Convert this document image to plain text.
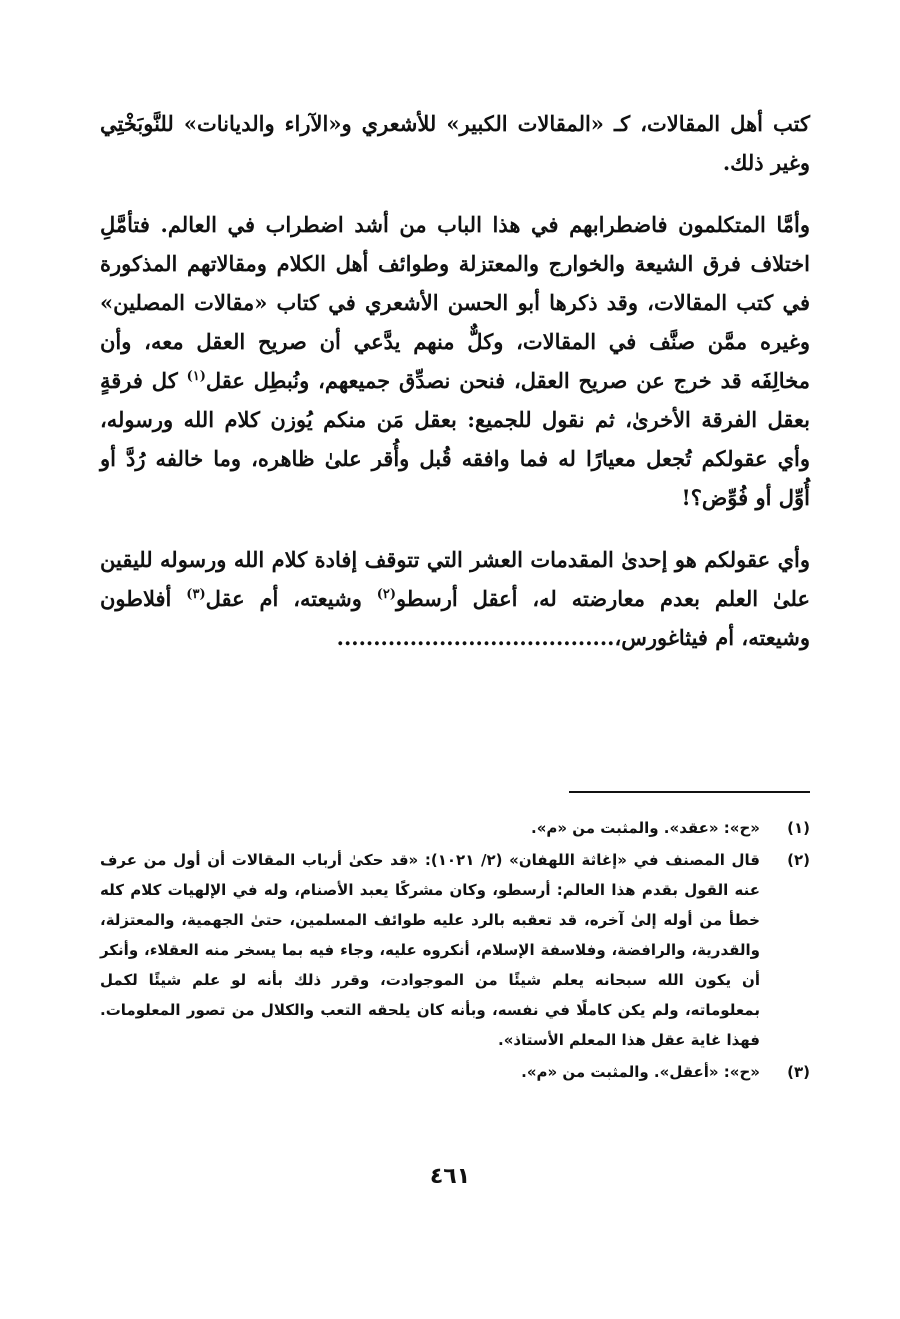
كتب أهل المقالات، كـ «المقالات الكبير» للأشعري و«الآراء والديانات» للنَّوبَخْتِي وغير ذلك.

وأمَّا المتكلمون فاضطرابهم في هذا الباب من أشد اضطراب في العالم. فتأمَّلِ اختلاف فرق الشيعة والخوارج والمعتزلة وطوائف أهل الكلام ومقالاتهم المذكورة في كتب المقالات، وقد ذكرها أبو الحسن الأشعري في كتاب «مقالات المصلين» وغيره ممَّن صنَّف في المقالات، وكلٌّ منهم يدَّعي أن صريح العقل معه، وأن مخالِفَه قد خرج عن صريح العقل، فنحن نصدِّق جميعهم، ونُبطِل عقل$^{(١)}$ كل فرقةٍ بعقل الفرقة الأخرىٰ، ثم نقول للجميع: بعقل مَن منكم يُوزن كلام الله ورسوله، وأي عقولكم تُجعل معيارًا له فما وافقه قُبل وأُقر علىٰ ظاهره، وما خالفه رُدَّ أو أُوِّل أو فُوِّض؟!

وأي عقولكم هو إحدىٰ المقدمات العشر التي تتوقف إفادة كلام الله ورسوله لليقين علىٰ العلم بعدم معارضته له، أعقل أرسطو$^{(٢)}$ وشيعته، أم عقل$^{(٣)}$ أفلاطون وشيعته، أم فيثاغورس،......................................

(١)
«ح»: «عقد». والمثبت من «م».
(٢)
قال المصنف في «إغاثة اللهفان» (٢/ ١٠٢١): «قد حكىٰ أرباب المقالات أن أول من عرف عنه القول بقدم هذا العالم: أرسطو، وكان مشركًا يعبد الأصنام، وله في الإلهيات كلام كله خطأ من أوله إلىٰ آخره، قد تعقبه بالرد عليه طوائف المسلمين، حتىٰ الجهمية، والمعتزلة، والقدرية، والرافضة، وفلاسفة الإسلام، أنكروه عليه، وجاء فيه بما يسخر منه العقلاء، وأنكر أن يكون الله سبحانه يعلم شيئًا من الموجوادت، وقرر ذلك بأنه لو علم شيئًا لكمل بمعلوماته، ولم يكن كاملًا في نفسه، وبأنه كان يلحقه التعب والكلال من تصور المعلومات. فهذا غاية عقل هذا المعلم الأستاذ».
(٣)
«ح»: «أعقل». والمثبت من «م».
٤٦١
